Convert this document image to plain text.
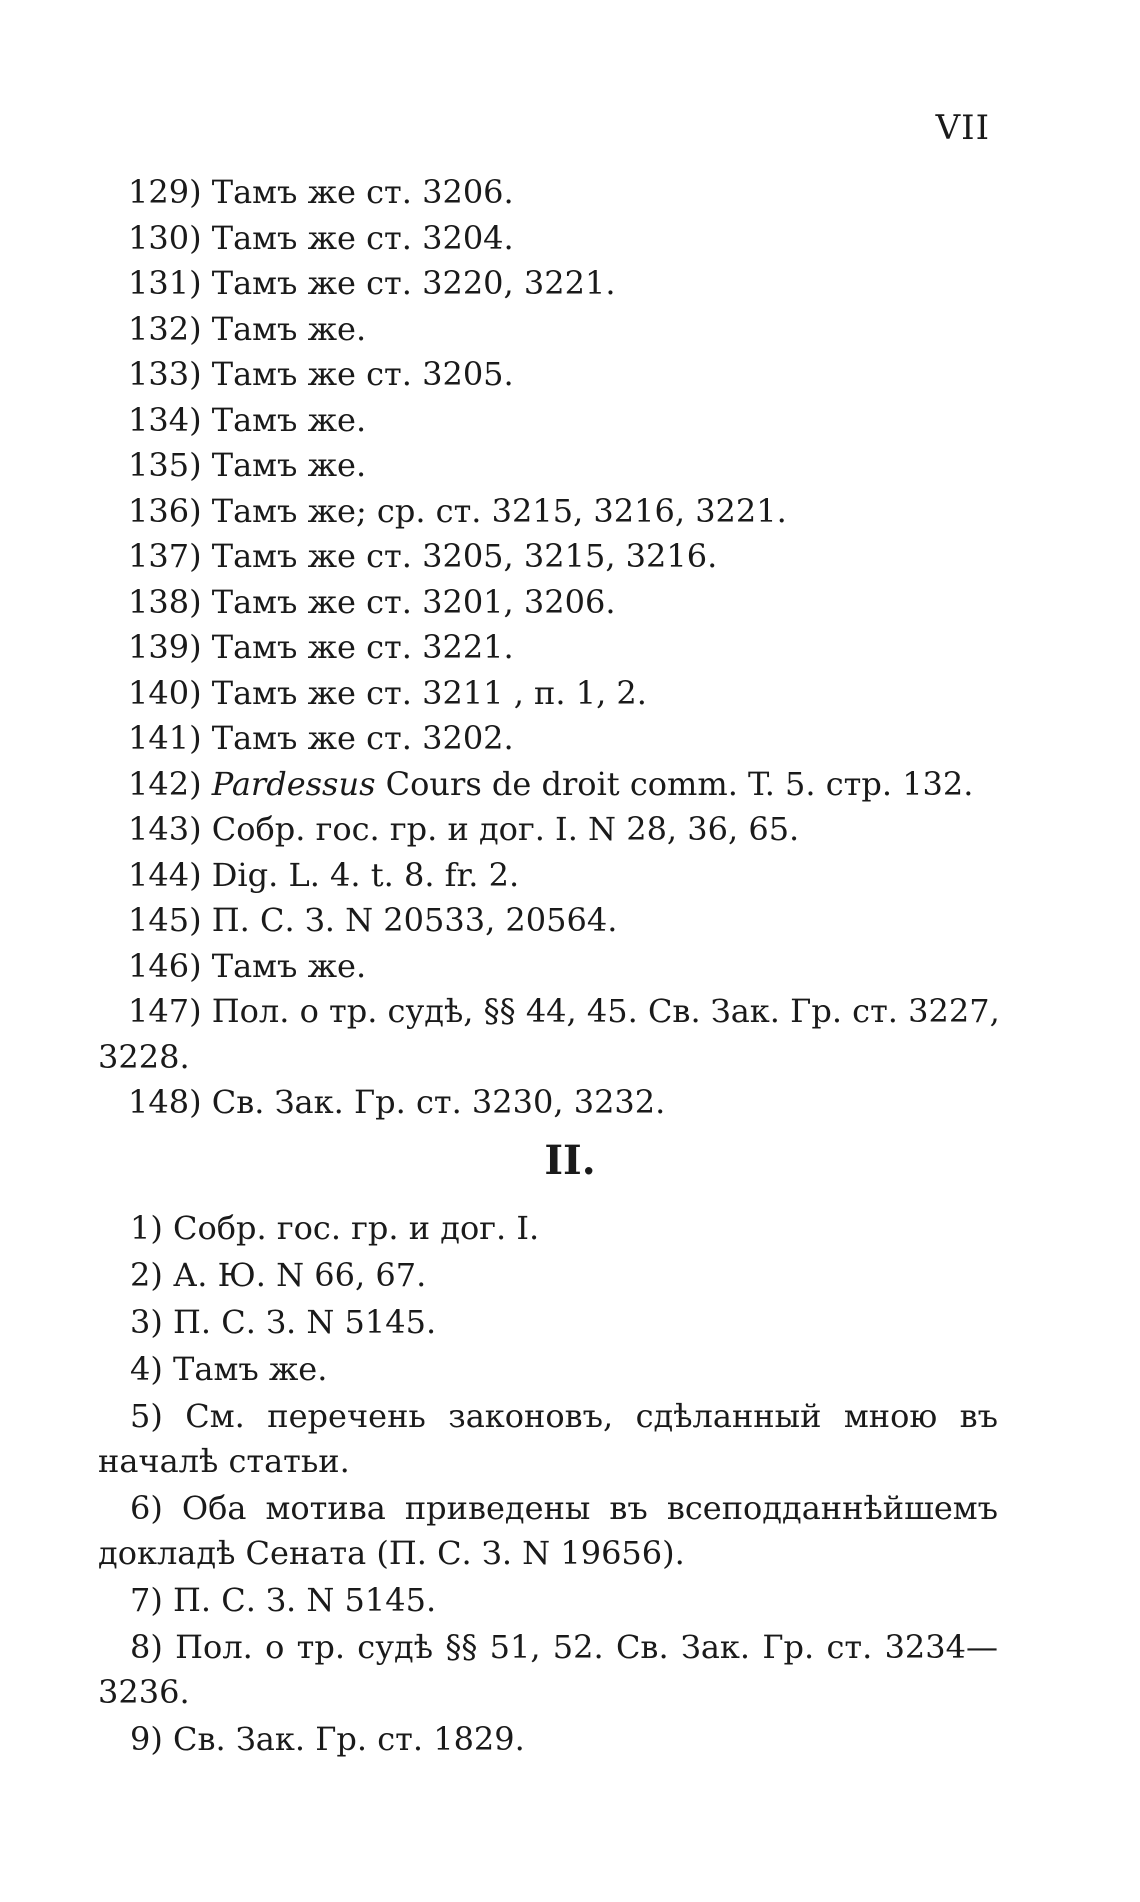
VII
129) Тамъ же ст. 3206.
130) Тамъ же ст. 3204.
131) Тамъ же ст. 3220, 3221.
132) Тамъ же.
133) Тамъ же ст. 3205.
134) Тамъ же.
135) Тамъ же.
136) Тамъ же; ср. ст. 3215, 3216, 3221.
137) Тамъ же ст. 3205, 3215, 3216.
138) Тамъ же ст. 3201, 3206.
139) Тамъ же ст. 3221.
140) Тамъ же ст. 3211 , п. 1, 2.
141) Тамъ же ст. 3202.
142) Pardessus Cours de droit comm. T. 5. стр. 132.
143) Собр. гос. гр. и дог. I. N 28, 36, 65.
144) Dig. L. 4. t. 8. fr. 2.
145) П. С. З. N 20533, 20564.
146) Тамъ же.
147) Пол. о тр. судѣ, §§ 44, 45. Св. Зак. Гр. ст. 3227,
3228.
148) Св. Зак. Гр. ст. 3230, 3232.
II.

1) Собр. гос. гр. и дог. I.

2) А. Ю. N 66, 67.

3) П. С. З. N 5145.

4) Тамъ же.

5) См. перечень законовъ, сдѣланный мною въ началѣ статьи.

6) Оба мотива приведены въ всеподданнѣйшемъ докладѣ Сената (П. С. З. N 19656).

7) П. С. З. N 5145.

8) Пол. о тр. судѣ §§ 51, 52. Св. Зак. Гр. ст. 3234—3236.

9) Св. Зак. Гр. ст. 1829.
